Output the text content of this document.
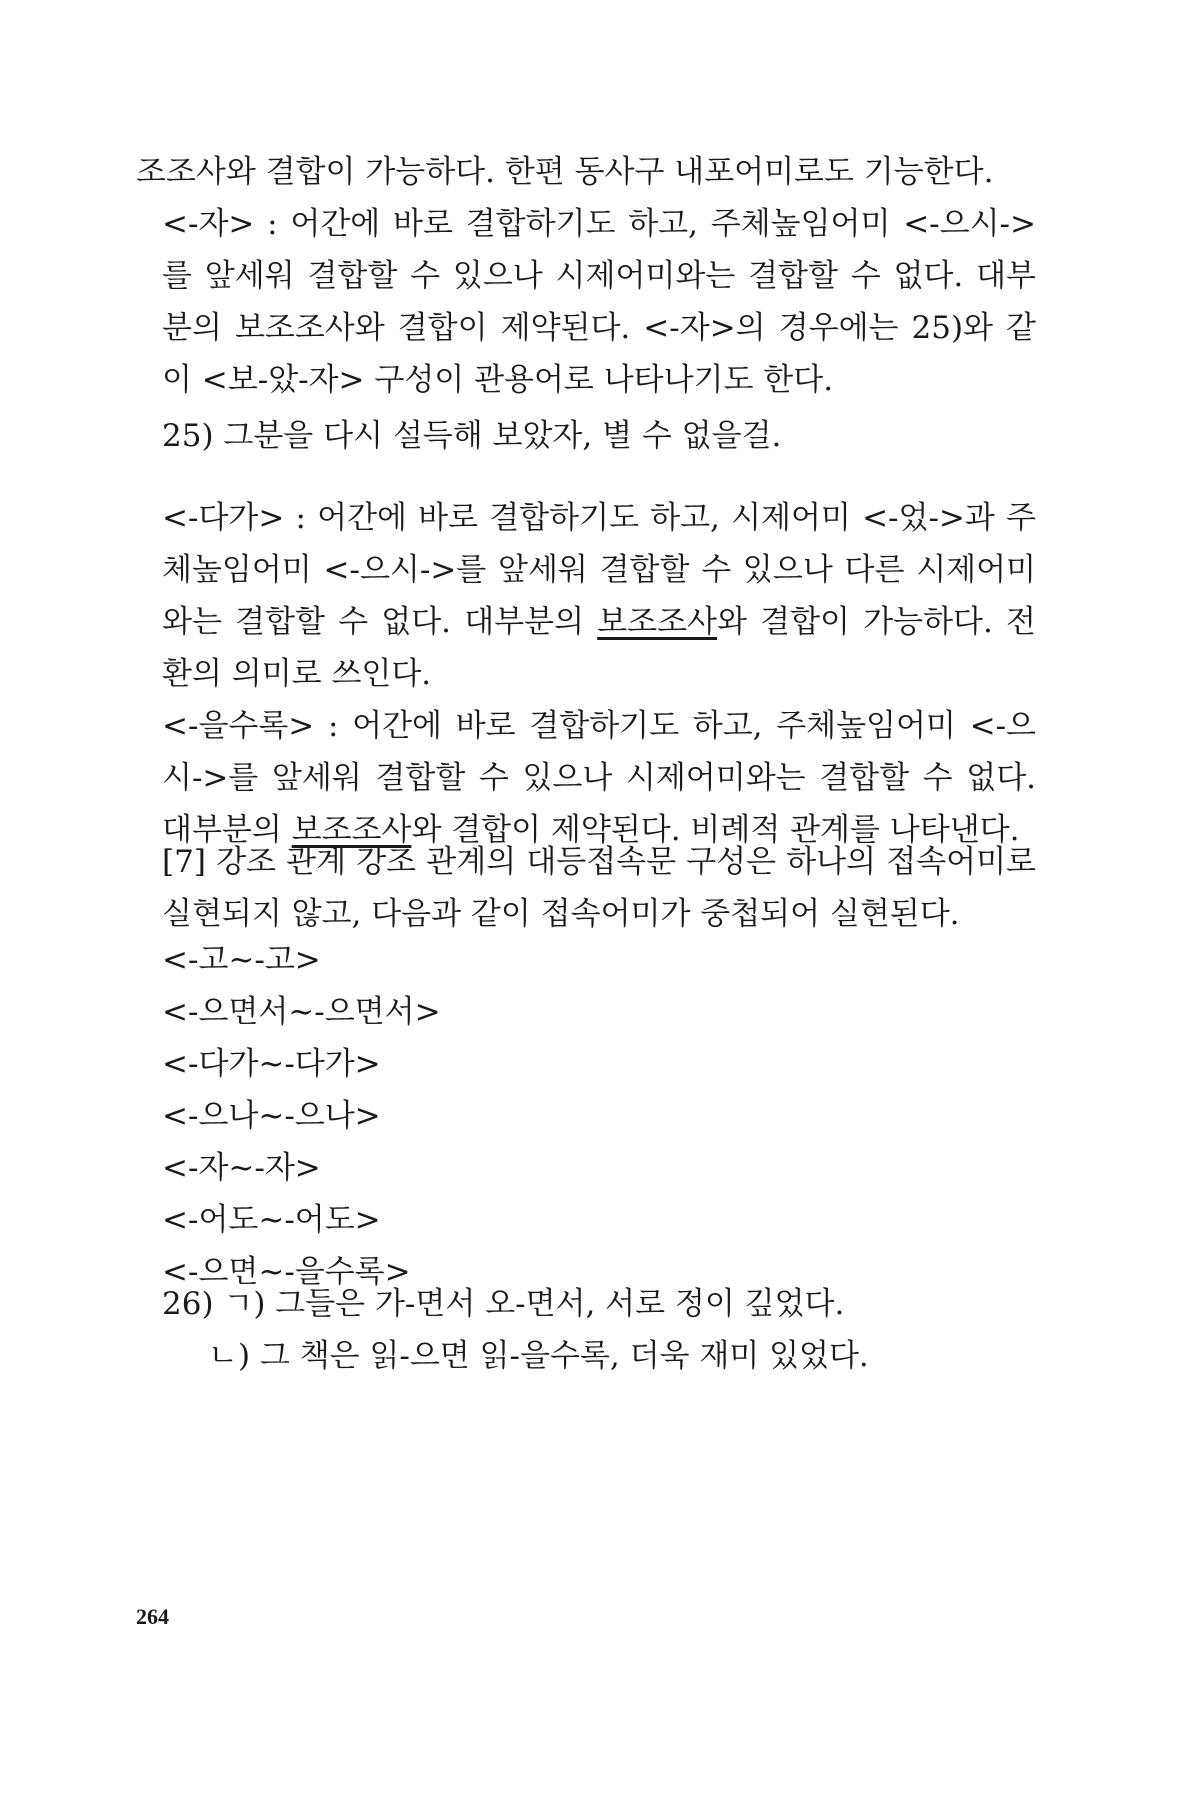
조조사와 결합이 가능하다. 한편 동사구 내포어미로도 기능한다.

<-자> : 어간에 바로 결합하기도 하고, 주체높임어미 <-으시->를 앞세워 결합할 수 있으나 시제어미와는 결합할 수 없다. 대부분의 보조조사와 결합이 제약된다. <-자>의 경우에는 25)와 같이 <보-았-자> 구성이 관용어로 나타나기도 한다.

25) 그분을 다시 설득해 보았자, 별 수 없을걸.

<-다가> : 어간에 바로 결합하기도 하고, 시제어미 <-었->과 주체높임어미 <-으시->를 앞세워 결합할 수 있으나 다른 시제어미와는 결합할 수 없다. 대부분의 보조조사와 결합이 가능하다. 전환의 의미로 쓰인다.

<-을수록> : 어간에 바로 결합하기도 하고, 주체높임어미 <-으시->를 앞세워 결합할 수 있으나 시제어미와는 결합할 수 없다. 대부분의 보조조사와 결합이 제약된다. 비례적 관계를 나타낸다.

[7] 강조 관계 강조 관계의 대등접속문 구성은 하나의 접속어미로 실현되지 않고, 다음과 같이 접속어미가 중첩되어 실현된다.

<-고~-고>
<-으면서~-으면서>
<-다가~-다가>
<-으나~-으나>
<-자~-자>
<-어도~-어도>
<-으면~-을수록>
26) ㄱ) 그들은 가-면서 오-면서, 서로 정이 깊었다.
ㄴ) 그 책은 읽-으면 읽-을수록, 더욱 재미 있었다.
264
